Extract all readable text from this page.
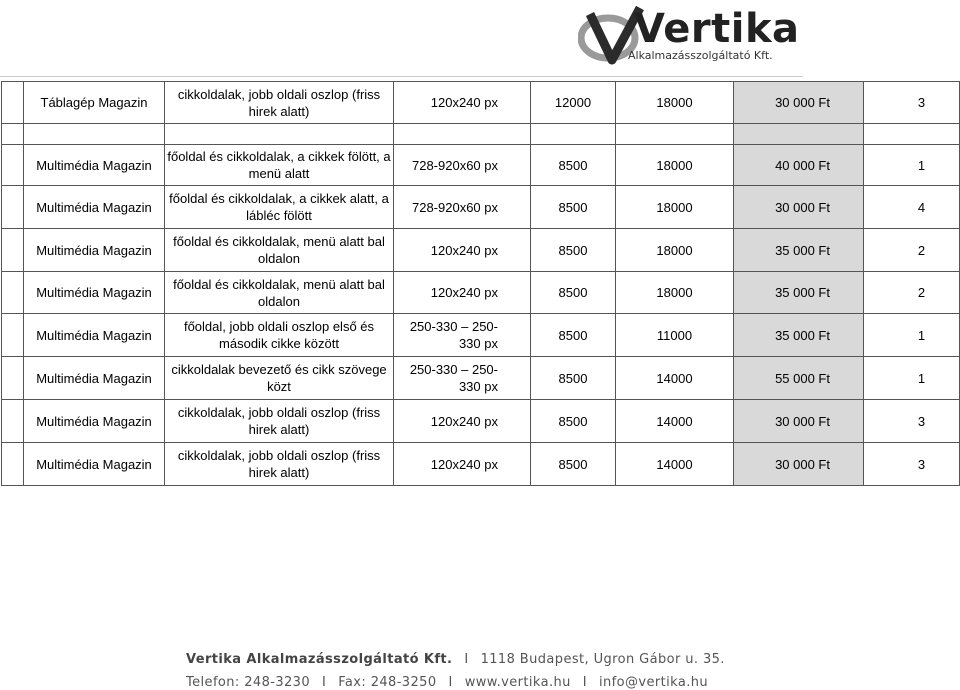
Vertika
Alkalmazásszolgáltató Kft.
	Táblagép Magazin	cikkoldalak, jobb oldali oszlop (friss hirek alatt)	120x240 px	12000	18000	30 000 Ft	3

	Multimédia Magazin	főoldal és cikkoldalak, a cikkek fölött, a menü alatt	728-920x60 px	8500	18000	40 000 Ft	1
	Multimédia Magazin	főoldal és cikkoldalak, a cikkek alatt, a lábléc fölött	728-920x60 px	8500	18000	30 000 Ft	4
	Multimédia Magazin	főoldal és cikkoldalak, menü alatt bal oldalon	120x240 px	8500	18000	35 000 Ft	2
	Multimédia Magazin	főoldal és cikkoldalak, menü alatt bal oldalon	120x240 px	8500	18000	35 000 Ft	2
	Multimédia Magazin	főoldal, jobb oldali oszlop első és második cikke között	250-330 – 250-330 px	8500	11000	35 000 Ft	1
	Multimédia Magazin	cikkoldalak bevezető és cikk szövege közt	250-330 – 250-330 px	8500	14000	55 000 Ft	1
	Multimédia Magazin	cikkoldalak, jobb oldali oszlop (friss hirek alatt)	120x240 px	8500	14000	30 000 Ft	3
	Multimédia Magazin	cikkoldalak, jobb oldali oszlop (friss hirek alatt)	120x240 px	8500	14000	30 000 Ft	3
Vertika Alkalmazásszolgáltató Kft. I 1118 Budapest, Ugron Gábor u. 35.
Telefon: 248-3230 I Fax: 248-3250 I www.vertika.hu I info@vertika.hu
